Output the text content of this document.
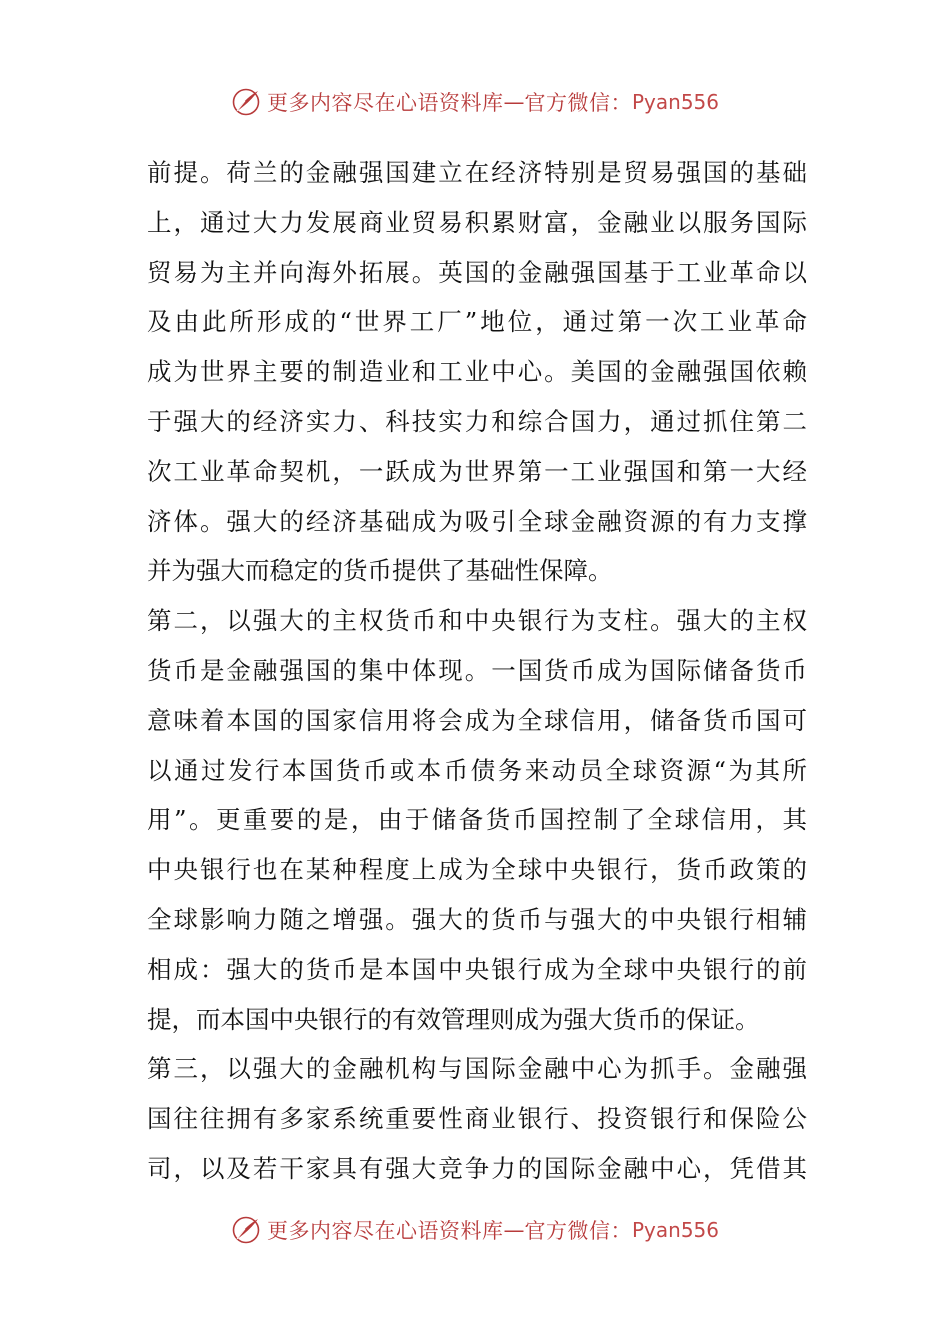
更多内容尽在心语资料库 — 官方微信： Pyan556
前提。荷兰的金融强国建立在经济特别是贸易强国的基础
上，通过大力发展商业贸易积累财富，金融业以服务国际
贸易为主并向海外拓展。英国的金融强国基于工业革命以
及由此所形成的“世界工厂”地位，通过第一次工业革命
成为世界主要的制造业和工业中心。美国的金融强国依赖
于强大的经济实力、科技实力和综合国力，通过抓住第二
次工业革命契机，一跃成为世界第一工业强国和第一大经
济体。强大的经济基础成为吸引全球金融资源的有力支撑
并为强大而稳定的货币提供了基础性保障。
第二，以强大的主权货币和中央银行为支柱。强大的主权
货币是金融强国的集中体现。一国货币成为国际储备货币
意味着本国的国家信用将会成为全球信用，储备货币国可
以通过发行本国货币或本币债务来动员全球资源“为其所
用”。更重要的是，由于储备货币国控制了全球信用，其
中央银行也在某种程度上成为全球中央银行，货币政策的
全球影响力随之增强。强大的货币与强大的中央银行相辅
相成：强大的货币是本国中央银行成为全球中央银行的前
提，而本国中央银行的有效管理则成为强大货币的保证。
第三，以强大的金融机构与国际金融中心为抓手。金融强
国往往拥有多家系统重要性商业银行、投资银行和保险公
司，以及若干家具有强大竞争力的国际金融中心，凭借其
更多内容尽在心语资料库 — 官方微信： Pyan556
